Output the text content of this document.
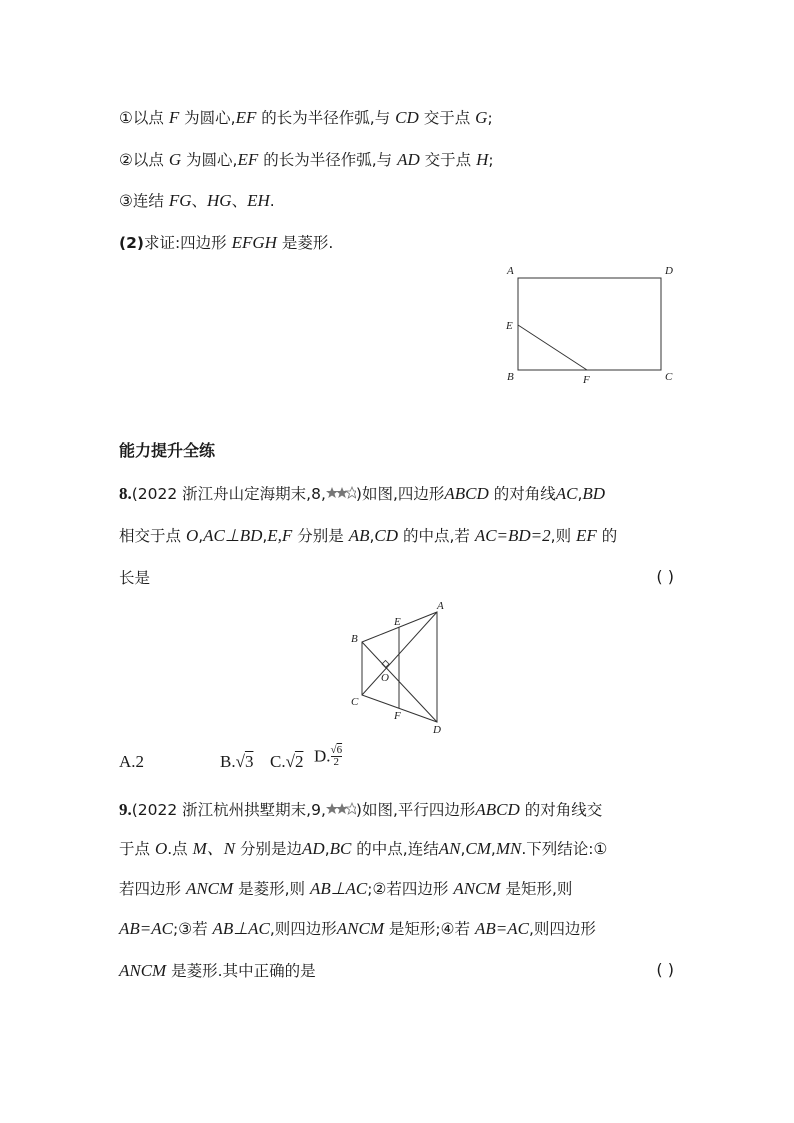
①以点 F 为圆心,EF 的长为半径作弧,与 CD 交于点 G;
②以点 G 为圆心,EF 的长为半径作弧,与 AD 交于点 H;
③连结 FG、HG、EH.
(2)求证:四边形 EFGH 是菱形.
A	D
E
B	F	C
能力提升全练
8.(2022 浙江舟山定海期末,8, )如图,四边形ABCD 的对角线AC,BD
相交于点 O,AC⊥BD,E,F 分别是 AB,CD 的中点,若 AC=BD=2,则 EF 的
长是	( )
A
E
B
O
C
F
D
A.2	B.√3 C.√2 D.√6
2
9.(2022 浙江杭州拱墅期末,9, )如图,平行四边形ABCD 的对角线交
于点 O.点 M、N 分别是边AD,BC 的中点,连结AN,CM,MN.下列结论:①
若四边形 ANCM 是菱形,则 AB⊥AC;②若四边形 ANCM 是矩形,则
AB=AC;③若 AB⊥AC,则四边形ANCM 是矩形;④若 AB=AC,则四边形
ANCM 是菱形.其中正确的是	( )
